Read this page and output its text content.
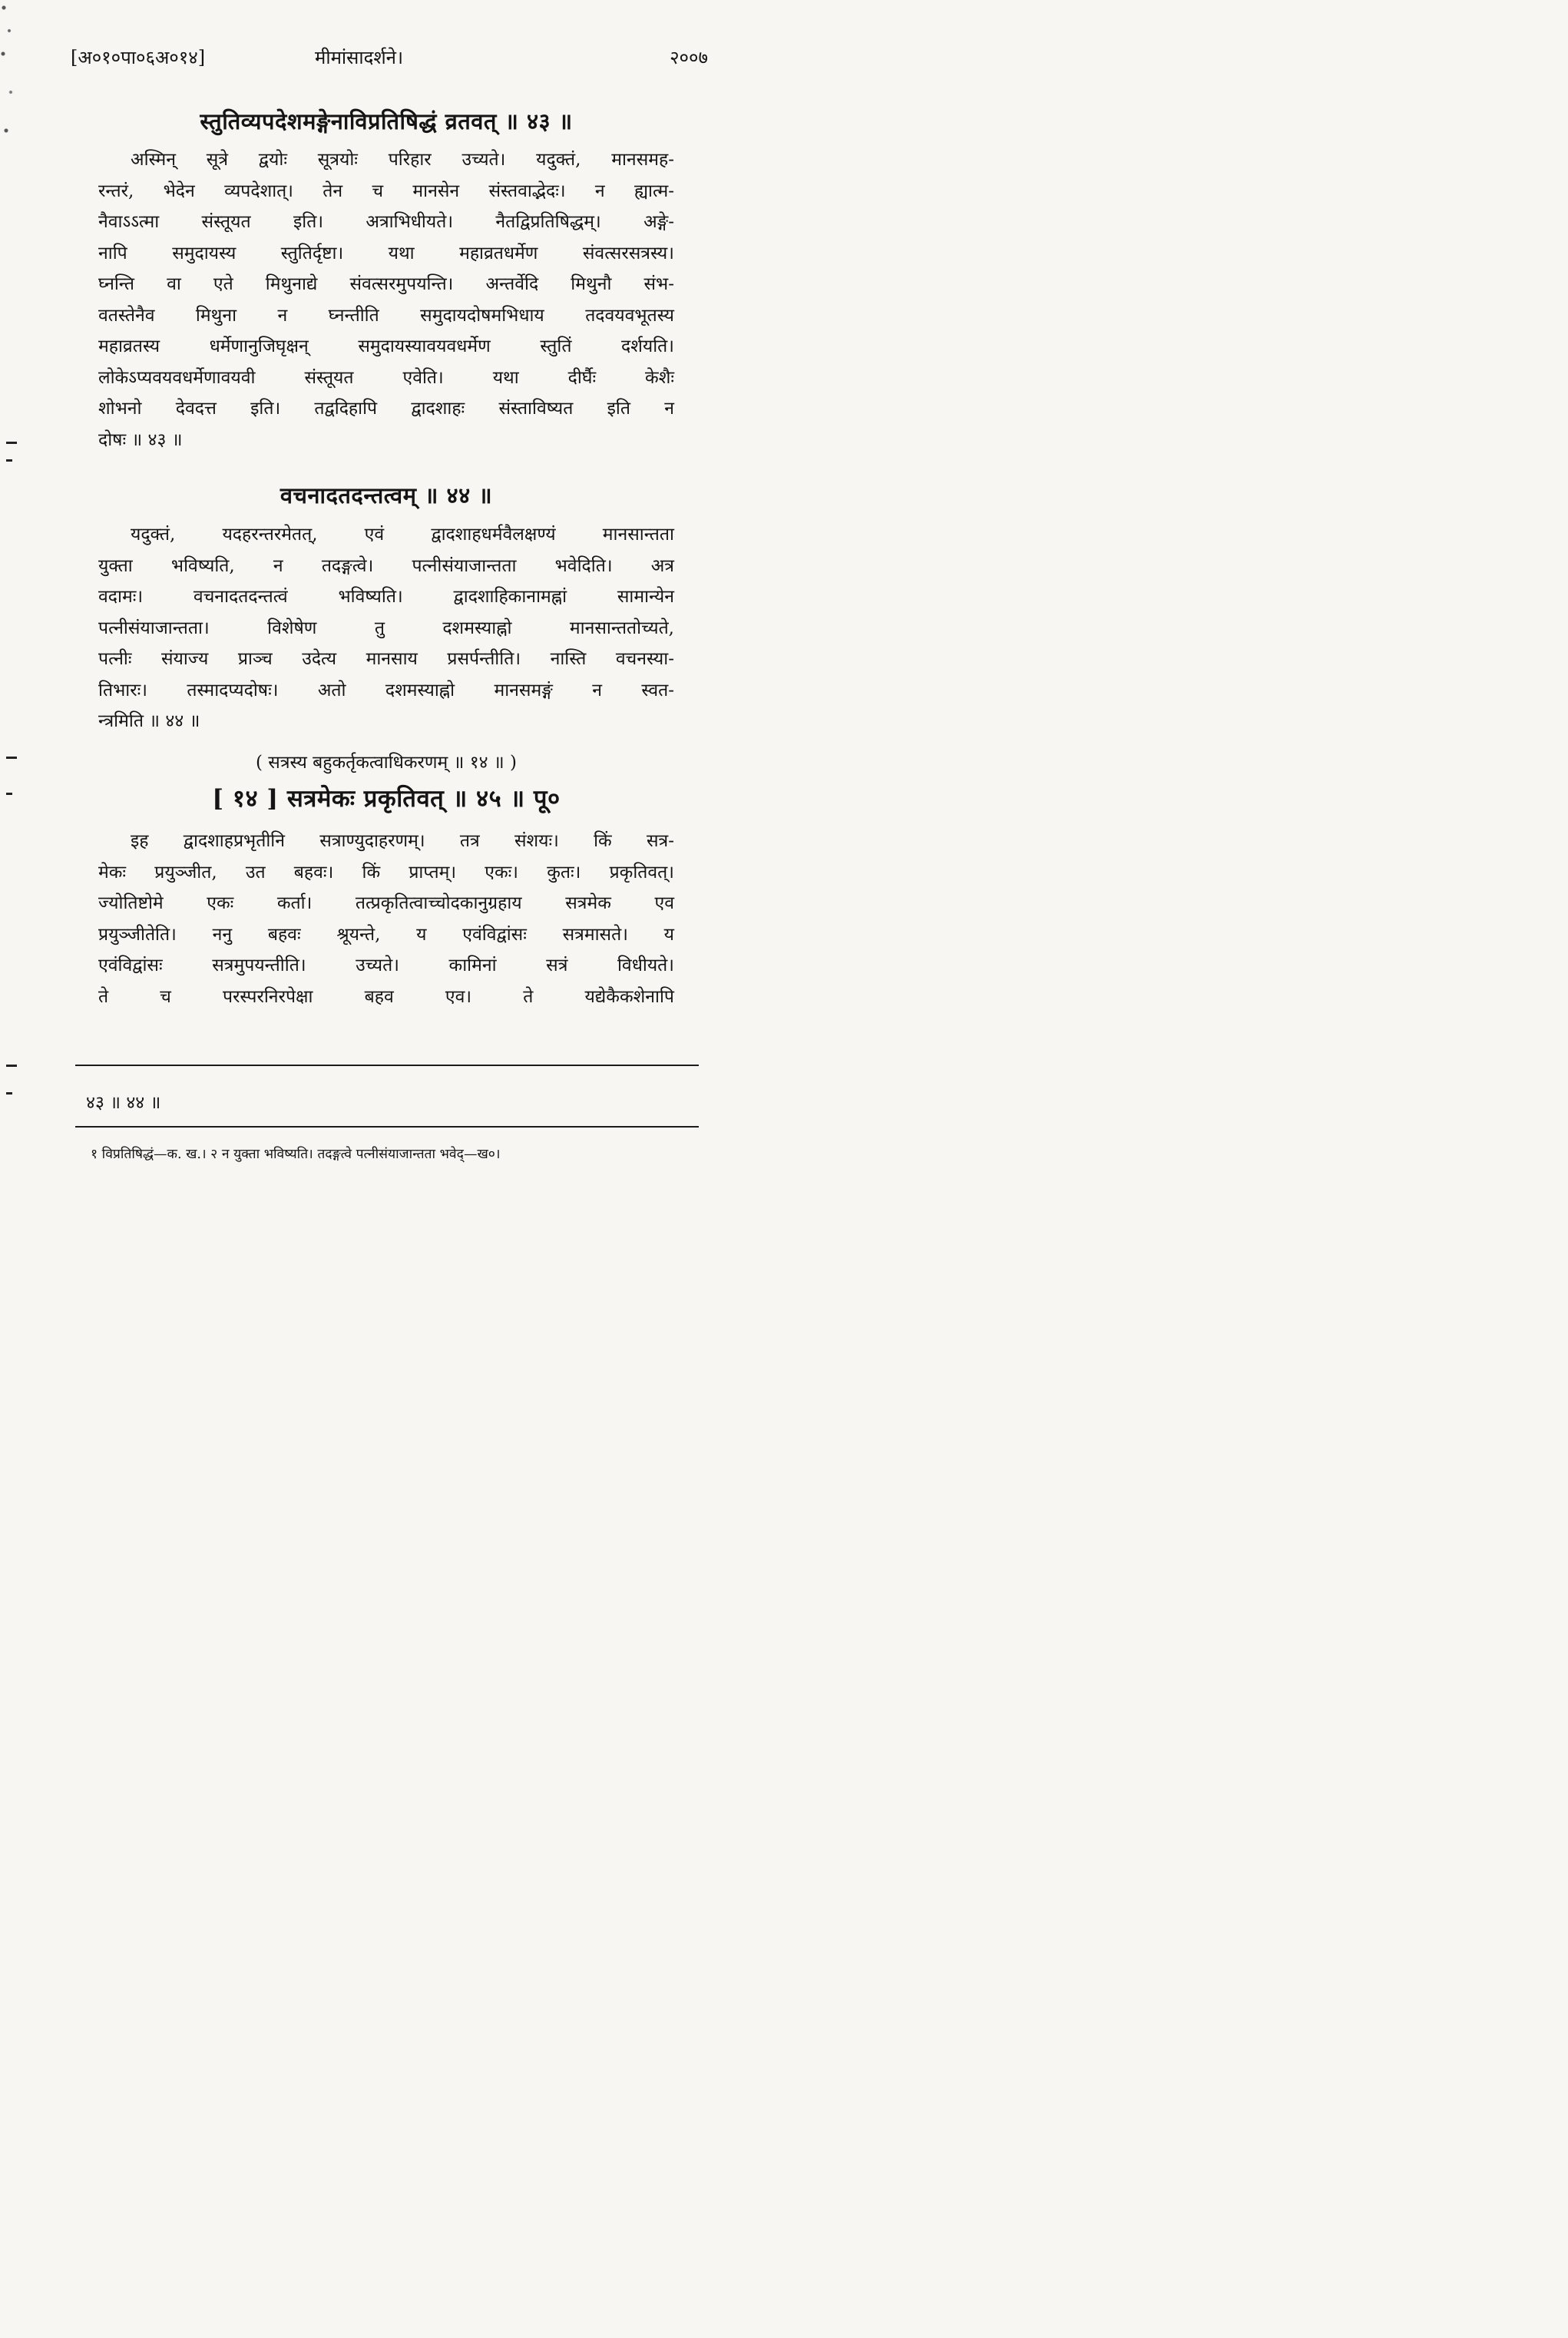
[अ०१०पा०६अ०१४]	मीमांसादर्शने।	२००७
स्तुतिव्यपदेशमङ्गेनाविप्रतिषिद्धं व्रतवत् ॥ ४३ ॥

अस्मिन् सूत्रे द्वयोः सूत्रयोः परिहार उच्यते। यदुक्तं, मानसमह-

रन्तरं, भेदेन व्यपदेशात्। तेन च मानसेन संस्तवाद्भेदः। न ह्यात्म-

नैवाऽऽत्मा संस्तूयत इति। अत्राभिधीयते। नैतद्विप्रतिषिद्धम्। अङ्गे-

नापि समुदायस्य स्तुतिर्दृष्टा। यथा महाव्रतधर्मेण संवत्सरसत्रस्य।

घ्नन्ति वा एते मिथुनाद्ये संवत्सरमुपयन्ति। अन्तर्वेदि मिथुनौ संभ-

वतस्तेनैव मिथुना न घ्नन्तीति समुदायदोषमभिधाय तदवयवभूतस्य

महाव्रतस्य धर्मेणानुजिघृक्षन् समुदायस्यावयवधर्मेण स्तुतिं दर्शयति।

लोकेऽप्यवयवधर्मेणावयवी संस्तूयत एवेति। यथा दीर्घैः केशैः

शोभनो देवदत्त इति। तद्वदिहापि द्वादशाहः संस्ताविष्यत इति न

दोषः ॥ ४३ ॥

वचनादतदन्तत्वम् ॥ ४४ ॥

यदुक्तं, यदहरन्तरमेतत्, एवं द्वादशाहधर्मवैलक्षण्यं मानसान्तता

युक्ता भविष्यति, न तदङ्गत्वे। पत्नीसंयाजान्तता भवेदिति। अत्र

वदामः। वचनादतदन्तत्वं भविष्यति। द्वादशाहिकानामह्नां सामान्येन

पत्नीसंयाजान्तता। विशेषेण तु दशमस्याह्नो मानसान्ततोच्यते,

पत्नीः संयाज्य प्राञ्च उदेत्य मानसाय प्रसर्पन्तीति। नास्ति वचनस्या-

तिभारः। तस्मादप्यदोषः। अतो दशमस्याह्नो मानसमङ्गं न स्वत-

न्त्रमिति ॥ ४४ ॥

( सत्रस्य बहुकर्तृकत्वाधिकरणम् ॥ १४ ॥ )
[ १४ ] सत्रमेकः प्रकृतिवत् ॥ ४५ ॥ पू०

इह द्वादशाहप्रभृतीनि सत्राण्युदाहरणम्। तत्र संशयः। किं सत्र-

मेकः प्रयुञ्जीत, उत बहवः। किं प्राप्तम्। एकः। कुतः। प्रकृतिवत्।

ज्योतिष्टोमे एकः कर्ता। तत्प्रकृतित्वाच्चोदकानुग्रहाय सत्रमेक एव

प्रयुञ्जीतेति। ननु बहवः श्रूयन्ते, य एवंविद्वांसः सत्रमासते। य

एवंविद्वांसः सत्रमुपयन्तीति। उच्यते। कामिनां सत्रं विधीयते।

ते च परस्परनिरपेक्षा बहव एव। ते यद्येकैकशेनापि

४३ ॥ ४४ ॥
१ विप्रतिषिद्धं—क. ख.। २ न युक्ता भविष्यति। तदङ्गत्वे पत्नीसंयाजान्तता भवेद्—ख०।
